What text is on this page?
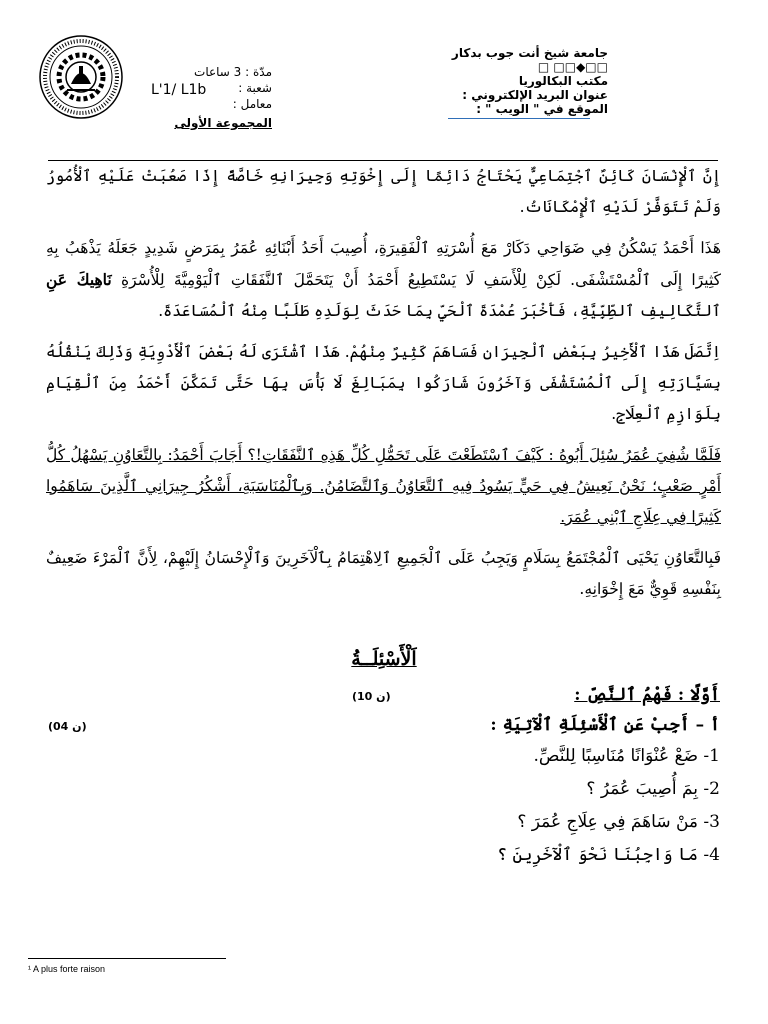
جامعة شيخ أنت جوب بدكار
□□◆□□ □
مكتب البكالوريا
عنوان البريد الإلكتروني :
الموقع في " الويب " :
مدّة : 3 ساعات
شعبة :
معامل :
المجموعة الأولى
L'1/ L1b

إِنَّ ٱلْإِنْسَانَ كَائِنٌ ٱجْتِمَاعِيٌّ يَحْتَاجُ دَائِمًا إِلَى إِخْوَتِهِ وَجِيرَانِهِ خَاصَّةً إِذَا صَعُبَتْ عَلَيْهِ ٱلْأُمُورُ وَلَمْ تَتَوَفَّرْ لَدَيْهِ ٱلْإِمْكَانَاتُ.

هَذَا أَحْمَدُ يَسْكُنُ فِي ضَوَاحِي دَكَارْ مَعَ أُسْرَتِهِ ٱلْفَقِيرَةِ، أُصِيبَ أَحَدُ أَبْنَائِهِ عُمَرُ بِمَرَضٍ شَدِيدٍ جَعَلَهُ يَذْهَبُ بِهِ كَثِيرًا إِلَى ٱلْمُسْتَشْفَى. لَكِنْ لِلْأَسَفِ لَا يَسْتَطِيعُ أَحْمَدُ أَنْ يَتَحَمَّلَ ٱلنَّفَقَاتِ ٱلْيَوْمِيَّةَ لِلْأُسْرَةِ نَاهِيكَ عَنِ ٱلتَّكَالِيفِ ٱلطِّبِّيَّةِ، فَأَخْبَرَ عُمْدَةَ ٱلْحَيِّ بِمَا حَدَثَ لِوَلَدِهِ طَلَبًا مِنْهُ ٱلْمُسَاعَدَةَ.

اِتَّصَلَ هَذَا ٱلْأَخِيرُ بِبَعْضِ ٱلْجِيرَانِ فَسَاهَمَ كَثِيرٌ مِنْهُمْ. هَذَا ٱشْتَرَى لَهُ بَعْضَ ٱلْأَدْوِيَةِ وَذَلِكَ يَنْقُلُهُ بِسَيَّارَتِهِ إِلَى ٱلْمُسْتَشْفَى وَآخَرُونَ شَارَكُوا بِمَبَالِغَ لَا بَأْسَ بِهَا حَتَّى تَمَكَّنَ أَحْمَدُ مِنَ ٱلْقِيَامِ بِلَوَازِمِ ٱلْعِلَاجِ.

فَلَمَّا شُفِيَ عُمَرُ سُئِلَ أَبُوهُ : كَيْفَ ٱسْتَطَعْتَ عَلَى تَحَمُّلِ كُلِّ هَذِهِ ٱلنَّفَقَاتِ!؟ أَجَابَ أَحْمَدُ: بِالتَّعَاوُنِ يَسْهُلُ كُلُّ أَمْرٍ صَعْبٍ؛ نَحْنُ نَعِيشُ فِي حَيٍّ يَسُودُ فِيهِ ٱلتَّعَاوُنُ وَٱلتَّضَامُنُ. وَبِٱلْمُنَاسَبَةِ، أَشْكُرُ جِيرَانِي ٱلَّذِينَ سَاهَمُوا كَثِيرًا فِي عِلَاجِ ٱبْنِي عُمَرَ.

فَبِالتَّعَاوُنِ يَحْيَى ٱلْمُجْتَمَعُ بِسَلَامٍ وَيَجِبُ عَلَى ٱلْجَمِيعِ ٱلِاهْتِمَامُ بِٱلْآخَرِينَ وَٱلْإِحْسَانُ إِلَيْهِمْ، لِأَنَّ ٱلْمَرْءَ ضَعِيفٌ بِنَفْسِهِ قَوِيٌّ مَعَ إِخْوَانِهِ.

اَلْأَسْئِلَــةُ
أَوَّلًا : فَهْمُ ٱلنَّصِّ :
(10 ن)
أ – أَجِبْ عَنِ ٱلْأَسْئِلَةِ ٱلْآتِيَةِ :
(04 ن)
1- ضَعْ عُنْوَانًا مُنَاسِبًا لِلنَّصِّ.
2- بِمَ أُصِيبَ عُمَرُ ؟
3- مَنْ سَاهَمَ فِي عِلَاجِ عُمَرَ ؟
4- مَا وَاجِبُنَا نَحْوَ ٱلْآخَرِينَ ؟
¹ A plus forte raison
